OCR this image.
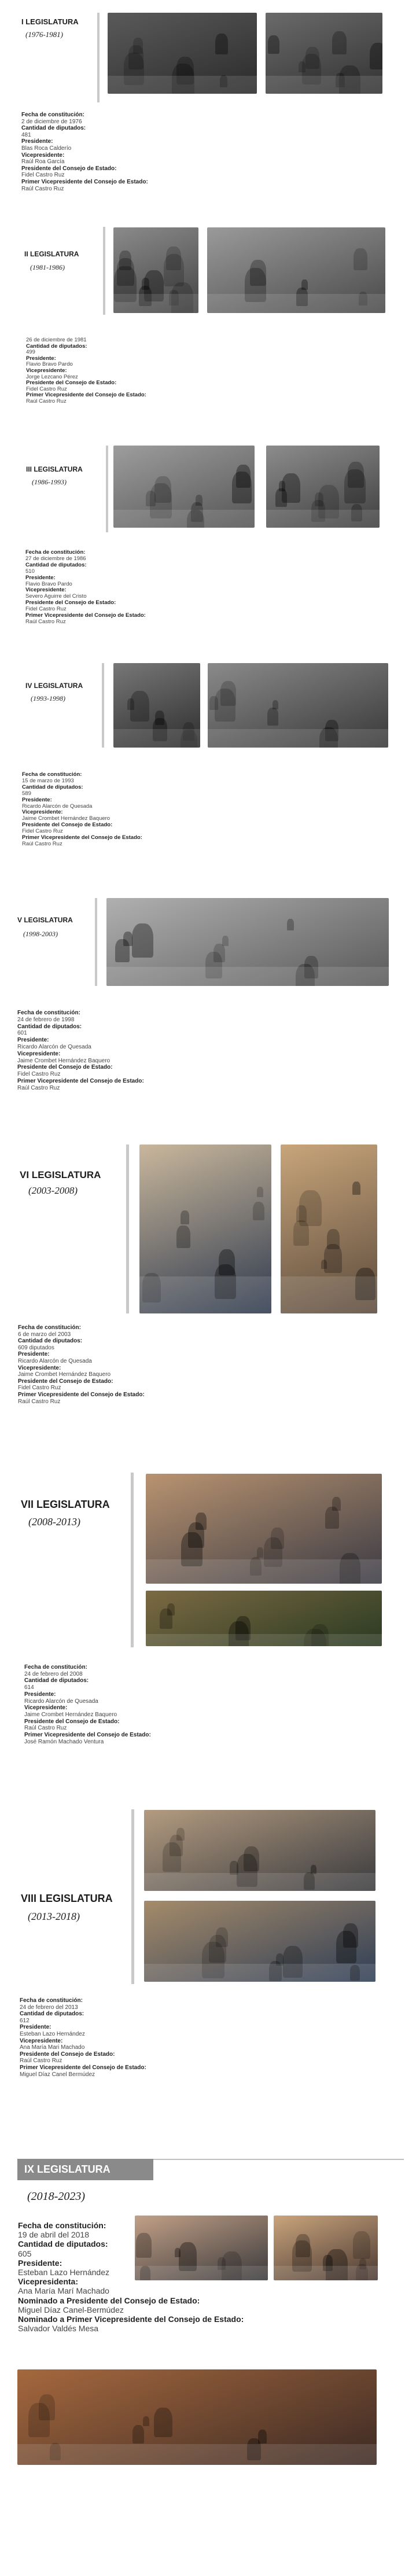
I LEGISLATURA
(1976-1981)
Fecha de constitución:
2 de diciembre de 1976
Cantidad de diputados:
481
Presidente:
Blas Roca Calderío
Vicepresidente:
Raúl Roa García
Presidente del Consejo de Estado:
Fidel Castro Ruz
Primer Vicepresidente del Consejo de Estado:
Raúl Castro Ruz
II LEGISLATURA
(1981-1986)
26 de diciembre de 1981
Cantidad de diputados:
499
Presidente:
Flavio Bravo Pardo
Vicepresidente:
Jorge Lezcano Pérez
Presidente del Consejo de Estado:
Fidel Castro Ruz
Primer Vicepresidente del Consejo de Estado:
Raúl Castro Ruz
III LEGISLATURA
(1986-1993)
Fecha de constitución:
27 de diciembre de 1986
Cantidad de diputados:
510
Presidente:
Flavio Bravo Pardo
Vicepresidente:
Severo Aguirre del Cristo
Presidente del Consejo de Estado:
Fidel Castro Ruz
Primer Vicepresidente del Consejo de Estado:
Raúl Castro Ruz
IV LEGISLATURA
(1993-1998)
Fecha de constitución:
15 de marzo de 1993
Cantidad de diputados:
589
Presidente:
Ricardo Alarcón de Quesada
Vicepresidente:
Jaime Crombet Hernández Baquero
Presidente del Consejo de Estado:
Fidel Castro Ruz
Primer Vicepresidente del Consejo de Estado:
Raúl Castro Ruz
V LEGISLATURA
(1998-2003)
Fecha de constitución:
24 de febrero de 1998
Cantidad de diputados:
601
Presidente:
Ricardo Alarcón de Quesada
Vicepresidente:
Jaime Crombet Hernández Baquero
Presidente del Consejo de Estado:
Fidel Castro Ruz
Primer Vicepresidente del Consejo de Estado:
Raúl Castro Ruz
VI LEGISLATURA
(2003-2008)
Fecha de constitución:
6 de marzo del 2003
Cantidad de diputados:
609 diputados
Presidente:
Ricardo Alarcón de Quesada
Vicepresidente:
Jaime Crombet Hernández Baquero
Presidente del Consejo de Estado:
Fidel Castro Ruz
Primer Vicepresidente del Consejo de Estado:
Raúl Castro Ruz
VII LEGISLATURA
(2008-2013)
Fecha de constitución:
24 de febrero del 2008
Cantidad de diputados:
614
Presidente:
Ricardo Alarcón de Quesada
Vicepresidente:
Jaime Crombet Hernández Baquero
Presidente del Consejo de Estado:
Raúl Castro Ruz
Primer Vicepresidente del Consejo de Estado:
José Ramón Machado Ventura
VIII LEGISLATURA
(2013-2018)
Fecha de constitución:
24 de febrero del 2013
Cantidad de diputados:
612
Presidente:
Esteban Lazo Hernández
Vicepresidente:
Ana María Mari Machado
Presidente del Consejo de Estado:
Raúl Castro Ruz
Primer Vicepresidente del Consejo de Estado:
Miguel Díaz Canel Bermúdez
IX LEGISLATURA
(2018-2023)
Fecha de constitución:
19 de abril del 2018
Cantidad de diputados:
605
Presidente:
Esteban Lazo Hernández
Vicepresidenta:
Ana María Marí Machado
Nominado a Presidente del Consejo de Estado:
Miguel Díaz Canel-Bermúdez
Nominado a Primer Vicepresidente del Consejo de Estado:
Salvador Valdés Mesa
